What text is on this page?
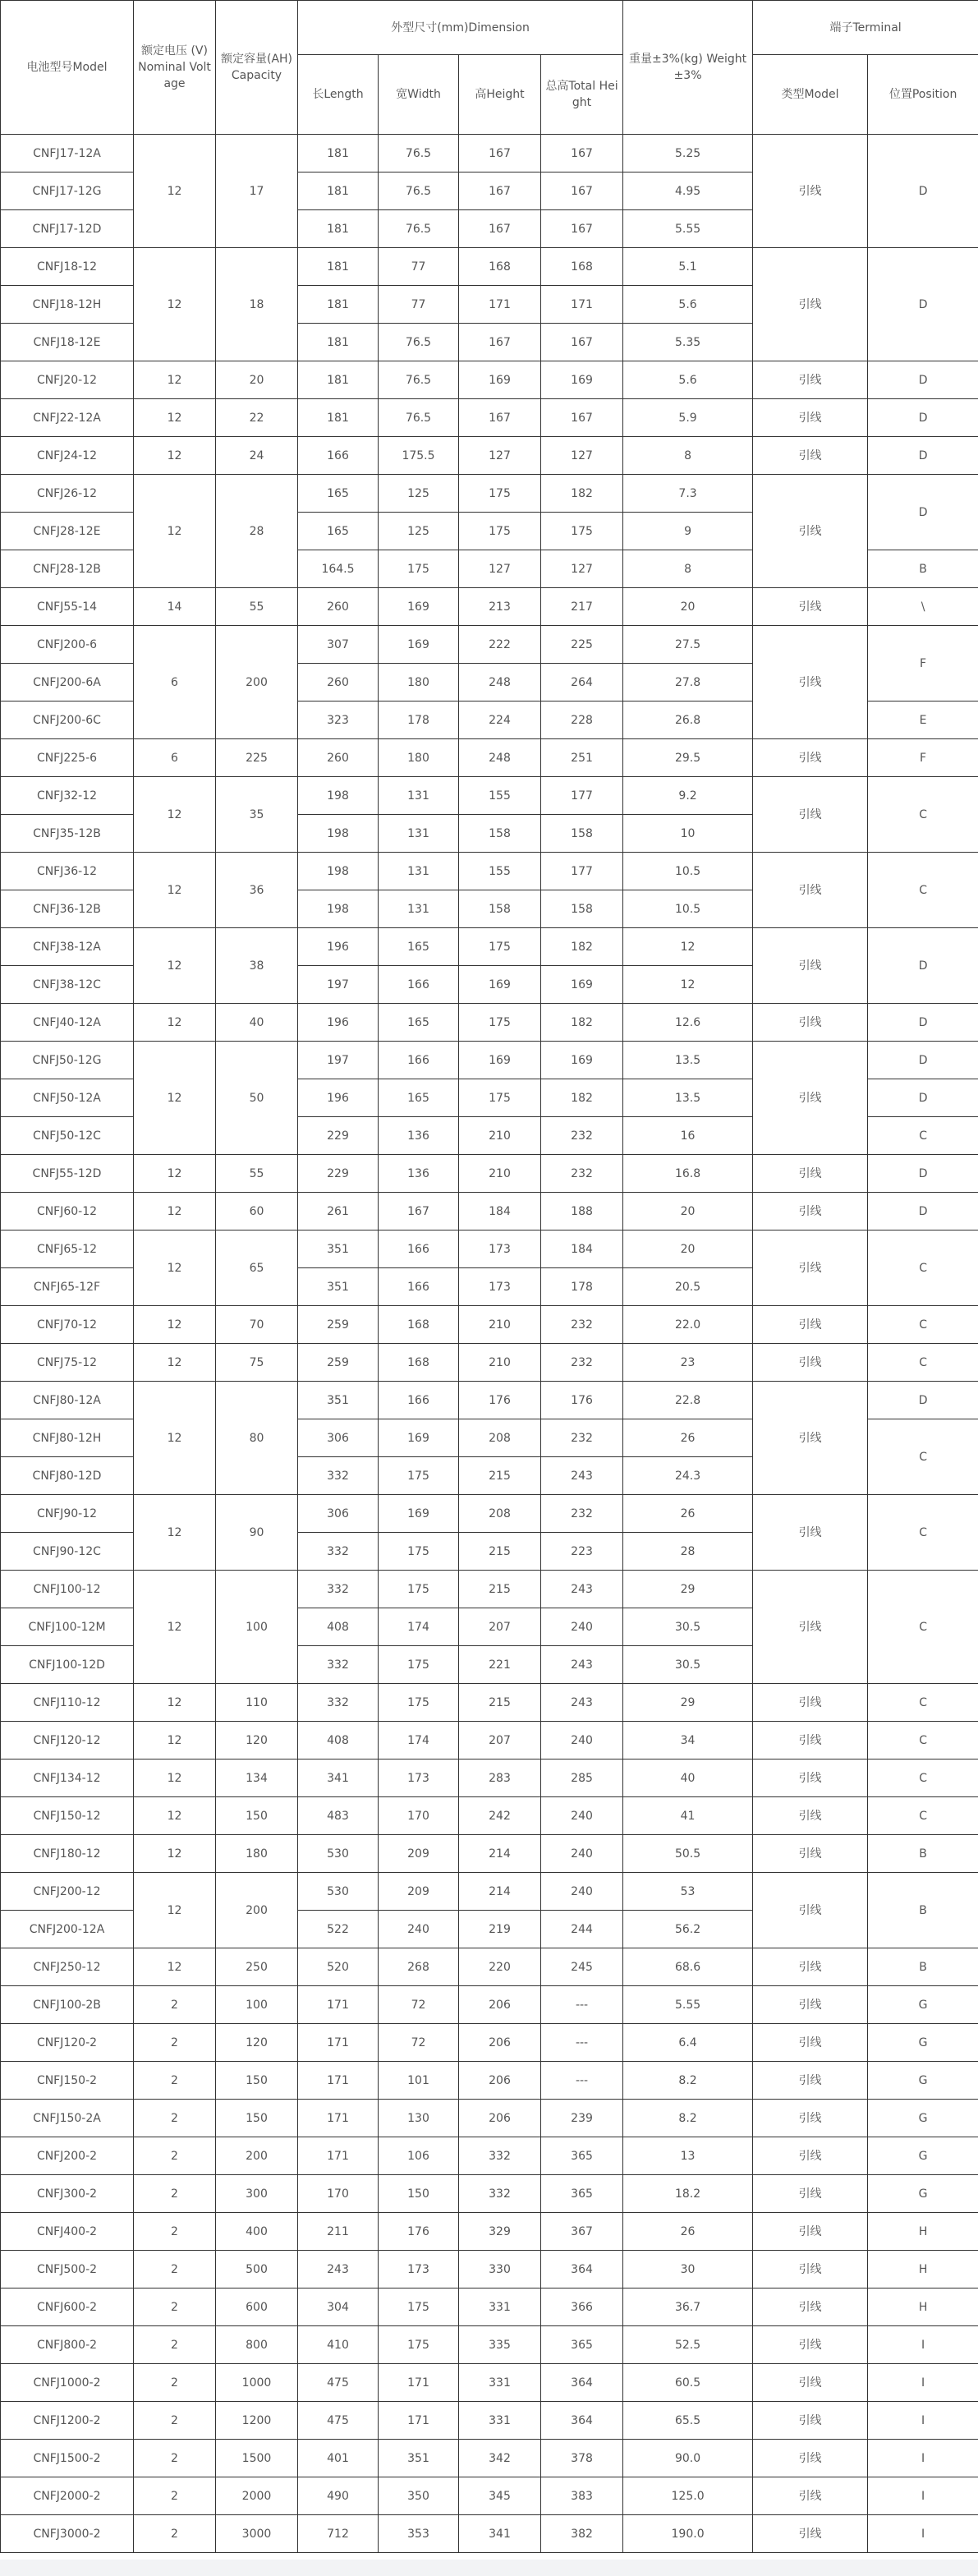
电池型号Model	额定电压 (V) Nominal Voltage	额定容量(AH)Capacity	外型尺寸(mm)Dimension				重量±3%(kg) Weight ±3%	端子Terminal	
			长Length	宽Width	高Height	总高Total Height		类型Model	位置Position
CNFJ17-12A	12	17	181	76.5	167	167	5.25	引线	D
CNFJ17-12G			181	76.5	167	167	4.95		
CNFJ17-12D			181	76.5	167	167	5.55		
CNFJ18-12	12	18	181	77	168	168	5.1	引线	D
CNFJ18-12H			181	77	171	171	5.6		
CNFJ18-12E			181	76.5	167	167	5.35		
CNFJ20-12	12	20	181	76.5	169	169	5.6	引线	D
CNFJ22-12A	12	22	181	76.5	167	167	5.9	引线	D
CNFJ24-12	12	24	166	175.5	127	127	8	引线	D
CNFJ26-12	12	28	165	125	175	182	7.3	引线	D
CNFJ28-12E			165	125	175	175	9		
CNFJ28-12B			164.5	175	127	127	8		B
CNFJ55-14	14	55	260	169	213	217	20	引线	\
CNFJ200-6	6	200	307	169	222	225	27.5	引线	F
CNFJ200-6A			260	180	248	264	27.8		
CNFJ200-6C			323	178	224	228	26.8		E
CNFJ225-6	6	225	260	180	248	251	29.5	引线	F
CNFJ32-12	12	35	198	131	155	177	9.2	引线	C
CNFJ35-12B			198	131	158	158	10		
CNFJ36-12	12	36	198	131	155	177	10.5	引线	C
CNFJ36-12B			198	131	158	158	10.5		
CNFJ38-12A	12	38	196	165	175	182	12	引线	D
CNFJ38-12C			197	166	169	169	12		
CNFJ40-12A	12	40	196	165	175	182	12.6	引线	D
CNFJ50-12G	12	50	197	166	169	169	13.5	引线	D
CNFJ50-12A			196	165	175	182	13.5		D
CNFJ50-12C			229	136	210	232	16		C
CNFJ55-12D	12	55	229	136	210	232	16.8	引线	D
CNFJ60-12	12	60	261	167	184	188	20	引线	D
CNFJ65-12	12	65	351	166	173	184	20	引线	C
CNFJ65-12F			351	166	173	178	20.5		
CNFJ70-12	12	70	259	168	210	232	22.0	引线	C
CNFJ75-12	12	75	259	168	210	232	23	引线	C
CNFJ80-12A	12	80	351	166	176	176	22.8	引线	D
CNFJ80-12H			306	169	208	232	26		C
CNFJ80-12D			332	175	215	243	24.3		
CNFJ90-12	12	90	306	169	208	232	26	引线	C
CNFJ90-12C			332	175	215	223	28		
CNFJ100-12	12	100	332	175	215	243	29	引线	C
CNFJ100-12M			408	174	207	240	30.5		
CNFJ100-12D			332	175	221	243	30.5		
CNFJ110-12	12	110	332	175	215	243	29	引线	C
CNFJ120-12	12	120	408	174	207	240	34	引线	C
CNFJ134-12	12	134	341	173	283	285	40	引线	C
CNFJ150-12	12	150	483	170	242	240	41	引线	C
CNFJ180-12	12	180	530	209	214	240	50.5	引线	B
CNFJ200-12	12	200	530	209	214	240	53	引线	B
CNFJ200-12A			522	240	219	244	56.2		
CNFJ250-12	12	250	520	268	220	245	68.6	引线	B
CNFJ100-2B	2	100	171	72	206	---	5.55	引线	G
CNFJ120-2	2	120	171	72	206	---	6.4	引线	G
CNFJ150-2	2	150	171	101	206	---	8.2	引线	G
CNFJ150-2A	2	150	171	130	206	239	8.2	引线	G
CNFJ200-2	2	200	171	106	332	365	13	引线	G
CNFJ300-2	2	300	170	150	332	365	18.2	引线	G
CNFJ400-2	2	400	211	176	329	367	26	引线	H
CNFJ500-2	2	500	243	173	330	364	30	引线	H
CNFJ600-2	2	600	304	175	331	366	36.7	引线	H
CNFJ800-2	2	800	410	175	335	365	52.5	引线	I
CNFJ1000-2	2	1000	475	171	331	364	60.5	引线	I
CNFJ1200-2	2	1200	475	171	331	364	65.5	引线	I
CNFJ1500-2	2	1500	401	351	342	378	90.0	引线	I
CNFJ2000-2	2	2000	490	350	345	383	125.0	引线	I
CNFJ3000-2	2	3000	712	353	341	382	190.0	引线	I
